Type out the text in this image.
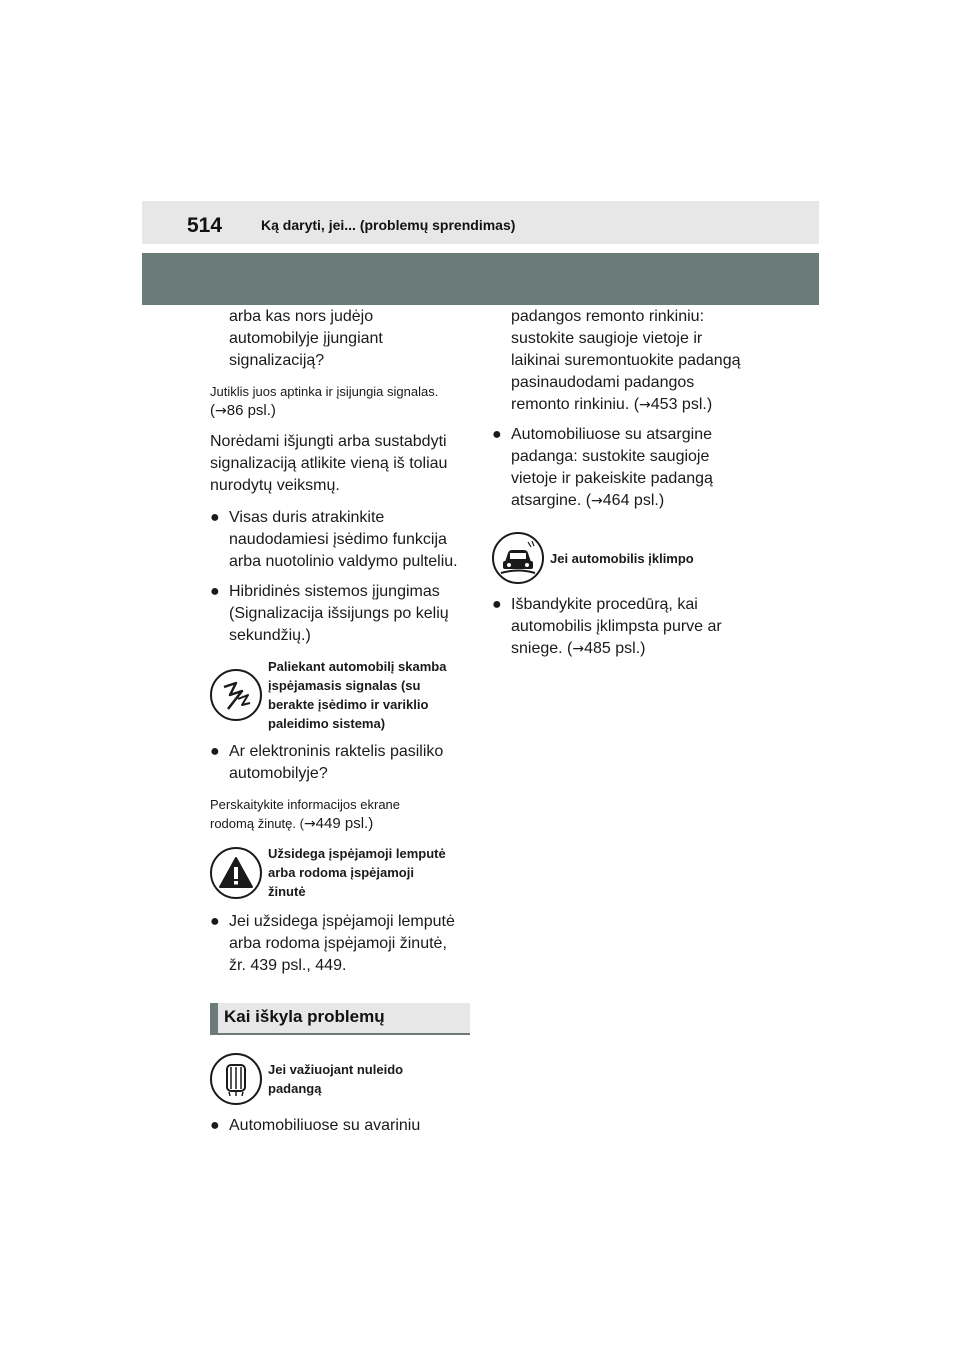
514	Ką daryti, jei... (problemų sprendimas)

arba kas nors judėjo
automobilyje įjungiant
signalizaciją?

Jutiklis juos aptinka ir įsijungia signalas.
(→86 psl.)

Norėdami išjungti arba sustabdyti
signalizaciją atlikite vieną iš toliau
nurodytų veiksmų.

● Visas duris atrakinkite
naudodamiesi įsėdimo funkcija
arba nuotolinio valdymo pulteliu.

● Hibridinės sistemos įjungimas
(Signalizacija išsijungs po kelių
sekundžių.)

Paliekant automobilį skamba
įspėjamasis signalas (su
berakte įsėdimo ir variklio
paleidimo sistema)

● Ar elektroninis raktelis pasiliko
automobilyje?

Perskaitykite informacijos ekrane
rodomą žinutę. (→449 psl.)

Užsidega įspėjamoji lemputė
arba rodoma įspėjamoji
žinutė

● Jei užsidega įspėjamoji lemputė
arba rodoma įspėjamoji žinutė,
žr. 439 psl., 449.

Kai iškyla problemų
Jei važiuojant nuleido
padangą

● Automobiliuose su avariniu

padangos remonto rinkiniu:
sustokite saugioje vietoje ir
laikinai suremontuokite padangą
pasinaudodami padangos
remonto rinkiniu. (→453 psl.)

● Automobiliuose su atsargine
padanga: sustokite saugioje
vietoje ir pakeiskite padangą
atsargine. (→464 psl.)

Jei automobilis įklimpo

● Išbandykite procedūrą, kai
automobilis įklimpsta purve ar
sniege. (→485 psl.)
